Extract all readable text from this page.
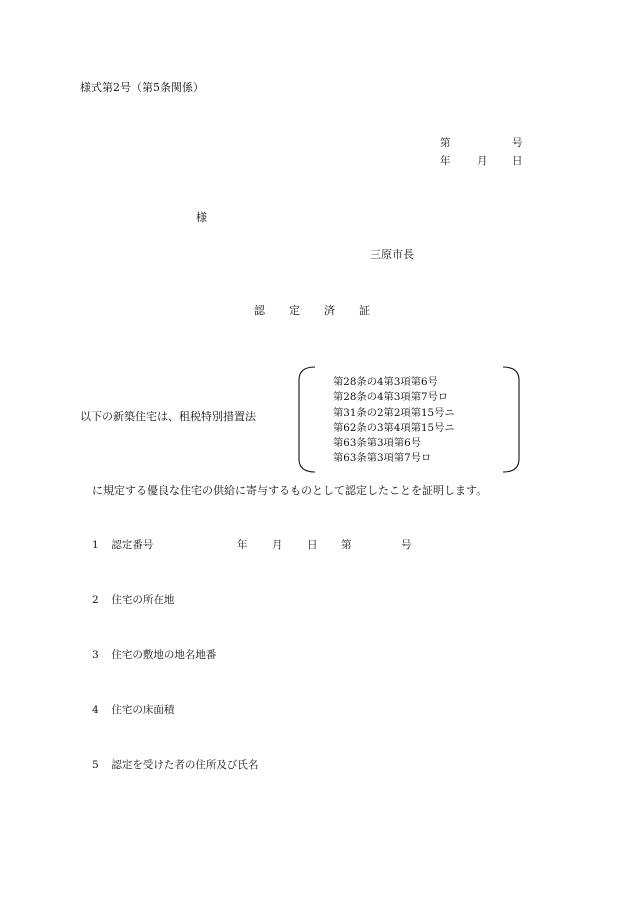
様式第2号（第5条関係）
第	号
年	月 日
様
三原市長
認 定 済 証
以下の新築住宅は、租税特別措置法
第28条の4第3項第6号
第28条の4第3項第7号ロ
第31条の2第2項第15号ニ
第62条の3第4項第15号ニ
第63条第3項第6号
第63条第3項第7号ロ
に規定する優良な住宅の供給に寄与するものとして認定したことを証明します。
1 認定番号	年 月 日 第	号
2 住宅の所在地
3 住宅の敷地の地名地番
4 住宅の床面積
5 認定を受けた者の住所及び氏名
